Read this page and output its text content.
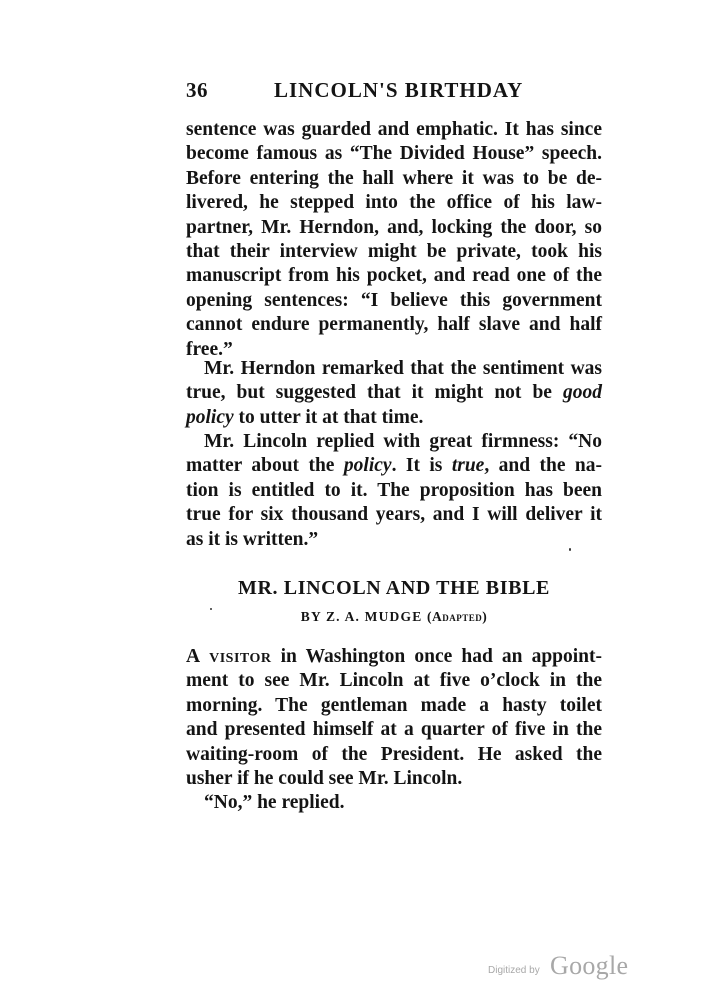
36	LINCOLN'S BIRTHDAY
sentence was guarded and emphatic. It has since
become famous as “The Divided House” speech.
Before entering the hall where it was to be de-
livered, he stepped into the office of his law-
partner, Mr. Herndon, and, locking the door, so
that their interview might be private, took his
manuscript from his pocket, and read one of the
opening sentences: “I believe this government
cannot endure permanently, half slave and half
free.”
Mr. Herndon remarked that the sentiment was
true, but suggested that it might not be good
policy to utter it at that time.
Mr. Lincoln replied with great firmness: “No
matter about the policy. It is true, and the na-
tion is entitled to it. The proposition has been
true for six thousand years, and I will deliver it
as it is written.”
MR. LINCOLN AND THE BIBLE
BY Z. A. MUDGE (Adapted)
A visitor in Washington once had an appoint-
ment to see Mr. Lincoln at five o’clock in the
morning. The gentleman made a hasty toilet
and presented himself at a quarter of five in the
waiting-room of the President. He asked the
usher if he could see Mr. Lincoln.
“No,” he replied.
Digitized by Google
